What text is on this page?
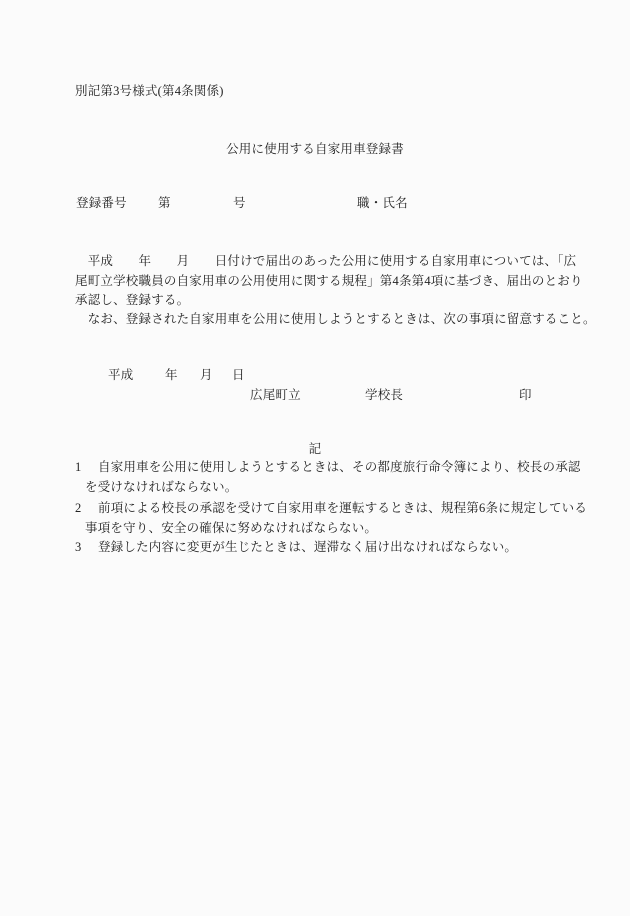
別記第3号様式(第4条関係)
公用に使用する自家用車登録書
登録番号 第	号	職・氏名
　平成　　年　　月　　日付けで届出のあった公用に使用する自家用車については、「広
尾町立学校職員の自家用車の公用使用に関する規程」第4条第4項に基づき、届出のとおり
承認し、登録する。
　なお、登録された自家用車を公用に使用しようとするときは、次の事項に留意すること。
平成	年 月 日
広尾町立	学校長	印
記
1 自家用車を公用に使用しようとするときは、その都度旅行命令簿により、校長の承認
を受けなければならない。
2 前項による校長の承認を受けて自家用車を運転するときは、規程第6条に規定している
事項を守り、安全の確保に努めなければならない。
3 登録した内容に変更が生じたときは、遅滞なく届け出なければならない。
